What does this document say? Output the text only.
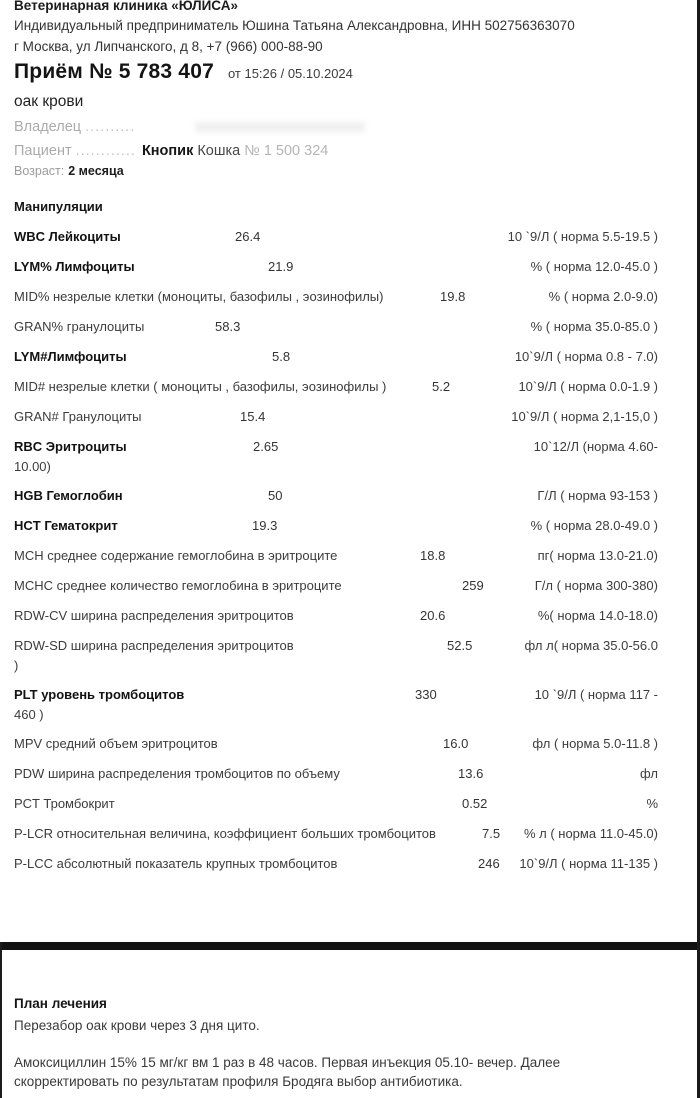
Ветеринарная клиника «ЮЛИСА»
Индивидуальный предприниматель Юшина Татьяна Александровна, ИНН 502756363070
г Москва, ул Липчанского, д 8, +7 (966) 000-88-90
Приём № 5 783 407 от 15:26 / 05.10.2024
оак крови
Владелец ..........
Пациент ............ Кнопик Кошка № 1 500 324
Возраст: 2 месяца
Манипуляции
WBC Лейкоциты	26.4	10 `9/Л ( норма 5.5-19.5 )
LYM% Лимфоциты	21.9	% ( норма 12.0-45.0 )
MID% незрелые клетки (моноциты, базофилы , эозинофилы)	19.8	% ( норма 2.0-9.0)
GRAN% гранулоциты	58.3	% ( норма 35.0-85.0 )
LYM#Лимфоциты	5.8	10`9/Л ( норма 0.8 - 7.0)
MID# незрелые клетки ( моноциты , базофилы, эозинофилы )	5.2	10`9/Л ( норма 0.0-1.9 )
GRAN# Гранулоциты	15.4	10`9/Л ( норма 2,1-15,0 )
RBC Эритроциты	2.65	10`12/Л (норма 4.60-
10.00)
HGB Гемоглобин	50	Г/Л ( норма 93-153 )
HCT Гематокрит	19.3	% ( норма 28.0-49.0 )
MCH среднее содержание гемоглобина в эритроците	18.8	пг( норма 13.0-21.0)
MCHC среднее количество гемоглобина в эритроците	259	Г/л ( норма 300-380)
RDW-CV ширина распределения эритроцитов	20.6	%( норма 14.0-18.0)
RDW-SD ширина распределения эритроцитов	52.5	фл л( норма 35.0-56.0
)
PLT уровень тромбоцитов	330	10 `9/Л ( норма 117 -
460 )
MPV средний объем эритроцитов	16.0	фл ( норма 5.0-11.8 )
PDW ширина распределения тромбоцитов по объему	13.6	фл
PCT Тромбокрит	0.52	%
P-LCR относительная величина, коэффициент больших тромбоцитов	7.5 % л ( норма 11.0-45.0)
P-LCC абсолютный показатель крупных тромбоцитов	246 10`9/Л ( норма 11-135 )
План лечения
Перезабор оак крови через 3 дня цито.
Амоксициллин 15% 15 мг/кг вм 1 раз в 48 часов. Первая инъекция 05.10- вечер. Далее скорректировать по результатам профиля Бродяга выбор антибиотика.
